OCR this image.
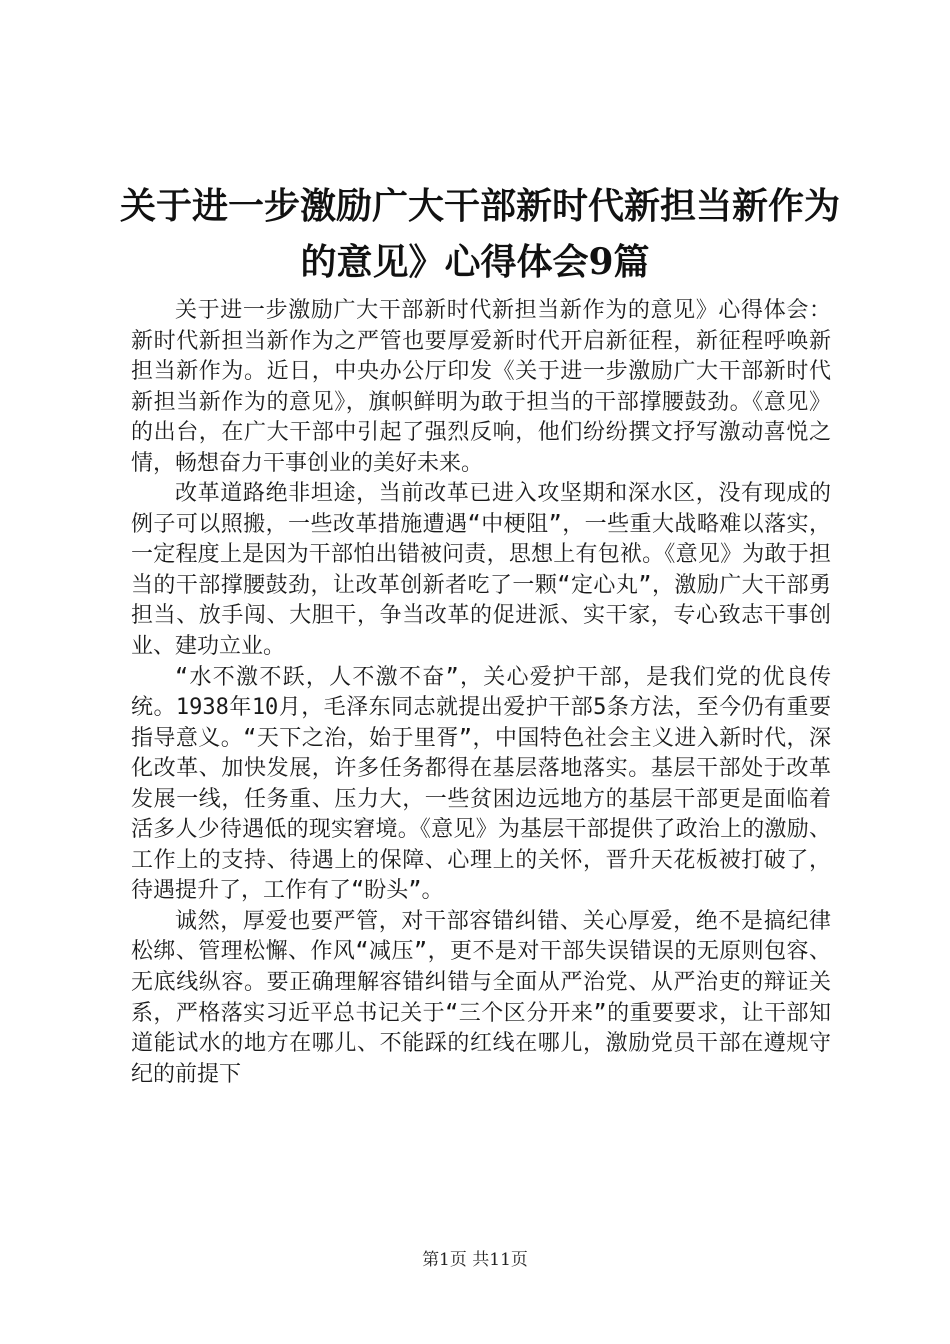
关于进一步激励广大干部新时代新担当新作为
的意见》心得体会9篇

关于进一步激励广大干部新时代新担当新作为的意见》心得体会：新时代新担当新作为之严管也要厚爱新时代开启新征程，新征程呼唤新担当新作为。近日，中央办公厅印发《关于进一步激励广大干部新时代新担当新作为的意见》，旗帜鲜明为敢于担当的干部撑腰鼓劲。《意见》的出台，在广大干部中引起了强烈反响，他们纷纷撰文抒写激动喜悦之情，畅想奋力干事创业的美好未来。

改革道路绝非坦途，当前改革已进入攻坚期和深水区，没有现成的例子可以照搬，一些改革措施遭遇“中梗阻”，一些重大战略难以落实，一定程度上是因为干部怕出错被问责，思想上有包袱。《意见》为敢于担当的干部撑腰鼓劲，让改革创新者吃了一颗“定心丸”，激励广大干部勇担当、放手闯、大胆干，争当改革的促进派、实干家，专心致志干事创业、建功立业。

“水不激不跃，人不激不奋”，关心爱护干部，是我们党的优良传统。1938年10月，毛泽东同志就提出爱护干部5条方法，至今仍有重要指导意义。“天下之治，始于里胥”，中国特色社会主义进入新时代，深化改革、加快发展，许多任务都得在基层落地落实。基层干部处于改革发展一线，任务重、压力大，一些贫困边远地方的基层干部更是面临着活多人少待遇低的现实窘境。《意见》为基层干部提供了政治上的激励、工作上的支持、待遇上的保障、心理上的关怀，晋升天花板被打破了，待遇提升了，工作有了“盼头”。

诚然，厚爱也要严管，对干部容错纠错、关心厚爱，绝不是搞纪律松绑、管理松懈、作风“减压”，更不是对干部失误错误的无原则包容、无底线纵容。要正确理解容错纠错与全面从严治党、从严治吏的辩证关系，严格落实习近平总书记关于“三个区分开来”的重要要求，让干部知道能试水的地方在哪儿、不能踩的红线在哪儿，激励党员干部在遵规守纪的前提下

第1页 共11页
